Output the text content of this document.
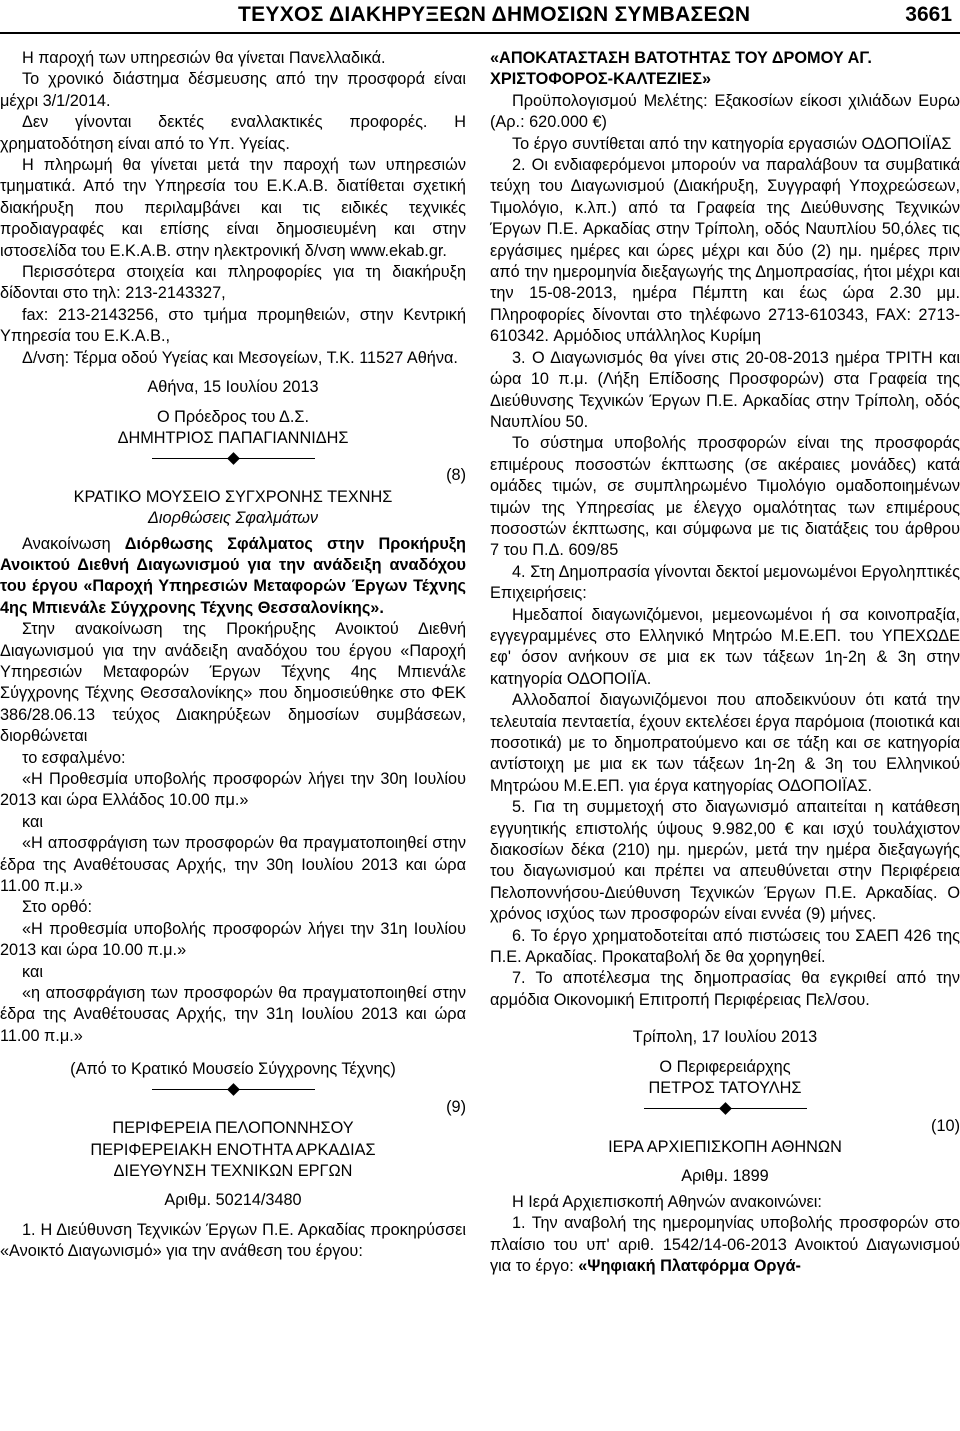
ΤΕΥΧΟΣ ΔΙΑΚΗΡΥΞΕΩΝ ΔΗΜΟΣΙΩΝ ΣΥΜΒΑΣΕΩΝ	3661

Η παροχή των υπηρεσιών θα γίνεται Πανελλαδικά.

Το χρονικό διάστημα δέσμευσης από την προσφορά είναι μέχρι 3/1/2014.

Δεν γίνονται δεκτές εναλλακτικές προφορές. Η χρηματοδότηση είναι από το Υπ. Υγείας.

Η πληρωμή θα γίνεται μετά την παροχή των υπηρεσιών τμηματικά. Από την Υπηρεσία του Ε.Κ.Α.Β. διατίθεται σχετική διακήρυξη που περιλαμβάνει και τις ειδικές τεχνικές προδιαγραφές και επίσης είναι δημοσιευμένη και στην ιστοσελίδα του Ε.Κ.Α.Β. στην ηλεκτρονική δ/νση www.ekab.gr.

Περισσότερα στοιχεία και πληροφορίες για τη διακήρυξη δίδονται στο τηλ: 213-2143327,

fax: 213-2143256, στο τμήμα προμηθειών, στην Κεντρική Υπηρεσία του Ε.Κ.Α.Β.,

Δ/νση: Τέρμα οδού Υγείας και Μεσογείων, Τ.Κ. 11527 Αθήνα.

Αθήνα, 15 Ιουλίου 2013

Ο Πρόεδρος του Δ.Σ.

ΔΗΜΗΤΡΙΟΣ ΠΑΠΑΓΙΑΝΝΙΔΗΣ

(8)

ΚΡΑΤΙΚΟ ΜΟΥΣΕΙΟ ΣΥΓΧΡΟΝΗΣ ΤΕΧΝΗΣ

Διορθώσεις Σφαλμάτων

Ανακοίνωση Διόρθωσης Σφάλματος στην Προκήρυξη Ανοικτού Διεθνή Διαγωνισμού για την ανάδειξη αναδόχου του έργου «Παροχή Υπηρεσιών Μεταφορών Έργων Τέχνης 4ης Μπιενάλε Σύγχρονης Τέχνης Θεσσαλονίκης».

Στην ανακοίνωση της Προκήρυξης Ανοικτού Διεθνή Διαγωνισμού για την ανάδειξη αναδόχου του έργου «Παροχή Υπηρεσιών Μεταφορών Έργων Τέχνης 4ης Μπιενάλε Σύγχρονης Τέχνης Θεσσαλονίκης» που δημοσιεύθηκε στο ΦΕΚ 386/28.06.13 τεύχος Διακηρύξεων δημοσίων συμβάσεων, διορθώνεται

το εσφαλμένο:

«Η Προθεσμία υποβολής προσφορών λήγει την 30η Ιουλίου 2013 και ώρα Ελλάδος 10.00 πμ.»

και

«Η αποσφράγιση των προσφορών θα πραγματοποιηθεί στην έδρα της Αναθέτουσας Αρχής, την 30η Ιουλίου 2013 και ώρα 11.00 π.μ.»

Στο ορθό:

«Η προθεσμία υποβολής προσφορών λήγει την 31η Ιουλίου 2013 και ώρα 10.00 π.μ.»

και

«η αποσφράγιση των προσφορών θα πραγματοποιηθεί στην έδρα της Αναθέτουσας Αρχής, την 31η Ιουλίου 2013 και ώρα 11.00 π.μ.»

(Από το Κρατικό Μουσείο Σύγχρονης Τέχνης)

(9)

ΠΕΡΙΦΕΡΕΙΑ ΠΕΛΟΠΟΝΝΗΣΟΥ

ΠΕΡΙΦΕΡΕΙΑΚΗ ΕΝΟΤΗΤΑ ΑΡΚΑΔΙΑΣ

ΔΙΕΥΘΥΝΣΗ ΤΕΧΝΙΚΩΝ ΕΡΓΩΝ

Αριθμ. 50214/3480

1. Η Διεύθυνση Τεχνικών Έργων Π.Ε. Αρκαδίας προκηρύσσει «Ανοικτό Διαγωνισμό» για την ανάθεση του έργου:

«ΑΠΟΚΑΤΑΣΤΑΣΗ ΒΑΤΟΤΗΤΑΣ ΤΟΥ ΔΡΟΜΟΥ ΑΓ. ΧΡΙΣΤΟΦΟΡΟΣ-ΚΑΛΤΕΖΙΕΣ»

Προϋπολογισμού Μελέτης: Εξακοσίων είκοσι χιλιάδων Ευρω (Αρ.: 620.000 €)

Το έργο συντίθεται από την κατηγορία εργασιών ΟΔΟΠΟΙΪΑΣ

2. Οι ενδιαφερόμενοι μπορούν να παραλάβουν τα συμβατικά τεύχη του Διαγωνισμού (Διακήρυξη, Συγγραφή Υποχρεώσεων, Τιμολόγιο, κ.λπ.) από τα Γραφεία της Διεύθυνσης Τεχνικών Έργων Π.Ε. Αρκαδίας στην Τρίπολη, οδός Ναυπλίου 50,όλες τις εργάσιμες ημέρες και ώρες μέχρι και δύο (2) ημ. ημέρες πριν από την ημερομηνία διεξαγωγής της Δημοπρασίας, ήτοι μέχρι και την 15-08-2013, ημέρα Πέμπτη και έως ώρα 2.30 μμ. Πληροφορίες δίνονται στο τηλέφωνο 2713-610343, FAX: 2713-610342. Αρμόδιος υπάλληλος Κυρίμη

3. Ο Διαγωνισμός θα γίνει στις 20-08-2013 ημέρα ΤΡΙΤΗ και ώρα 10 π.μ. (Λήξη Επίδοσης Προσφορών) στα Γραφεία της Διεύθυνσης Τεχνικών Έργων Π.Ε. Αρκαδίας στην Τρίπολη, οδός Ναυπλίου 50.

Το σύστημα υποβολής προσφορών είναι της προσφοράς επιμέρους ποσοστών έκπτωσης (σε ακέραιες μονάδες) κατά ομάδες τιμών, σε συμπληρωμένο Τιμολόγιο ομαδοποιημένων τιμών της Υπηρεσίας με έλεγχο ομαλότητας των επιμέρους ποσοστών έκπτωσης, και σύμφωνα με τις διατάξεις του άρθρου 7 του Π.Δ. 609/85

4. Στη Δημοπρασία γίνονται δεκτοί μεμονωμένοι Εργοληπτικές Επιχειρήσεις:

Ημεδαποί διαγωνιζόμενοι, μεμεονωμένοι ή σα κοινοπραξία, εγγεγραμμένες στο Ελληνικό Μητρώο Μ.Ε.ΕΠ. του ΥΠΕΧΩΔΕ εφ' όσον ανήκουν σε μια εκ των τάξεων 1η-2η & 3η στην κατηγορία ΟΔΟΠΟΙΪΑ.

Αλλοδαποί διαγωνιζόμενοι που αποδεικνύουν ότι κατά την τελευταία πενταετία, έχουν εκτελέσει έργα παρόμοια (ποιοτικά και ποσοτικά) με το δημοπρατούμενο και σε τάξη και σε κατηγορία αντίστοιχη με μια εκ των τάξεων 1η-2η & 3η του Ελληνικού Μητρώου Μ.Ε.ΕΠ. για έργα κατηγορίας ΟΔΟΠΟΙΪΑΣ.

5. Για τη συμμετοχή στο διαγωνισμό απαιτείται η κατάθεση εγγυητικής επιστολής ύψους 9.982,00 € και ισχύ τουλάχιστον διακοσίων δέκα (210) ημ. ημερών, μετά την ημέρα διεξαγωγής του διαγωνισμού και πρέπει να απευθύνεται στην Περιφέρεια Πελοποννήσου-Διεύθυνση Τεχνικών Έργων Π.Ε. Αρκαδίας. Ο χρόνος ισχύος των προσφορών είναι εννέα (9) μήνες.

6. Το έργο χρηματοδοτείται από πιστώσεις του ΣΑΕΠ 426 της Π.Ε. Αρκαδίας. Προκαταβολή δε θα χορηγηθεί.

7. Το αποτέλεσμα της δημοπρασίας θα εγκριθεί από την αρμόδια Οικονομική Επιτροπή Περιφέρειας Πελ/σου.

Τρίπολη, 17 Ιουλίου 2013

Ο Περιφερειάρχης

ΠΕΤΡΟΣ ΤΑΤΟΥΛΗΣ

(10)

ΙΕΡΑ ΑΡΧΙΕΠΙΣΚΟΠΗ ΑΘΗΝΩΝ

Αριθμ. 1899

Η Ιερά Αρχιεπισκοπή Αθηνών ανακοινώνει:

1. Την αναβολή της ημερομηνίας υποβολής προσφορών στο πλαίσιο του υπ' αριθ. 1542/14-06-2013 Ανοικτού Διαγωνισμού για το έργο: «Ψηφιακή Πλατφόρμα Οργά-
